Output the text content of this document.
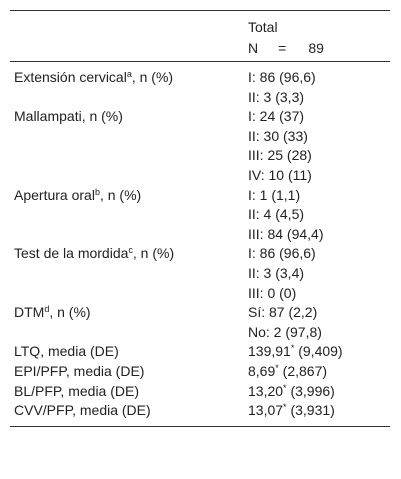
Total
N = 89
Extensión cervical$^a$, n (%)	I: 86 (96,6)
II: 3 (3,3)
Mallampati, n (%)	I: 24 (37)
II: 30 (33)
III: 25 (28)
IV: 10 (11)
Apertura oral$^b$, n (%)	I: 1 (1,1)
II: 4 (4,5)
III: 84 (94,4)
Test de la mordida$^c$, n (%)	I: 86 (96,6)
II: 3 (3,4)
III: 0 (0)
DTM$^d$, n (%)	Sí: 87 (2,2)
No: 2 (97,8)
LTQ, media (DE)	139,91* (9,409)
EPI/PFP, media (DE)	8,69* (2,867)
BL/PFP, media (DE)	13,20* (3,996)
CVV/PFP, media (DE)	13,07* (3,931)
